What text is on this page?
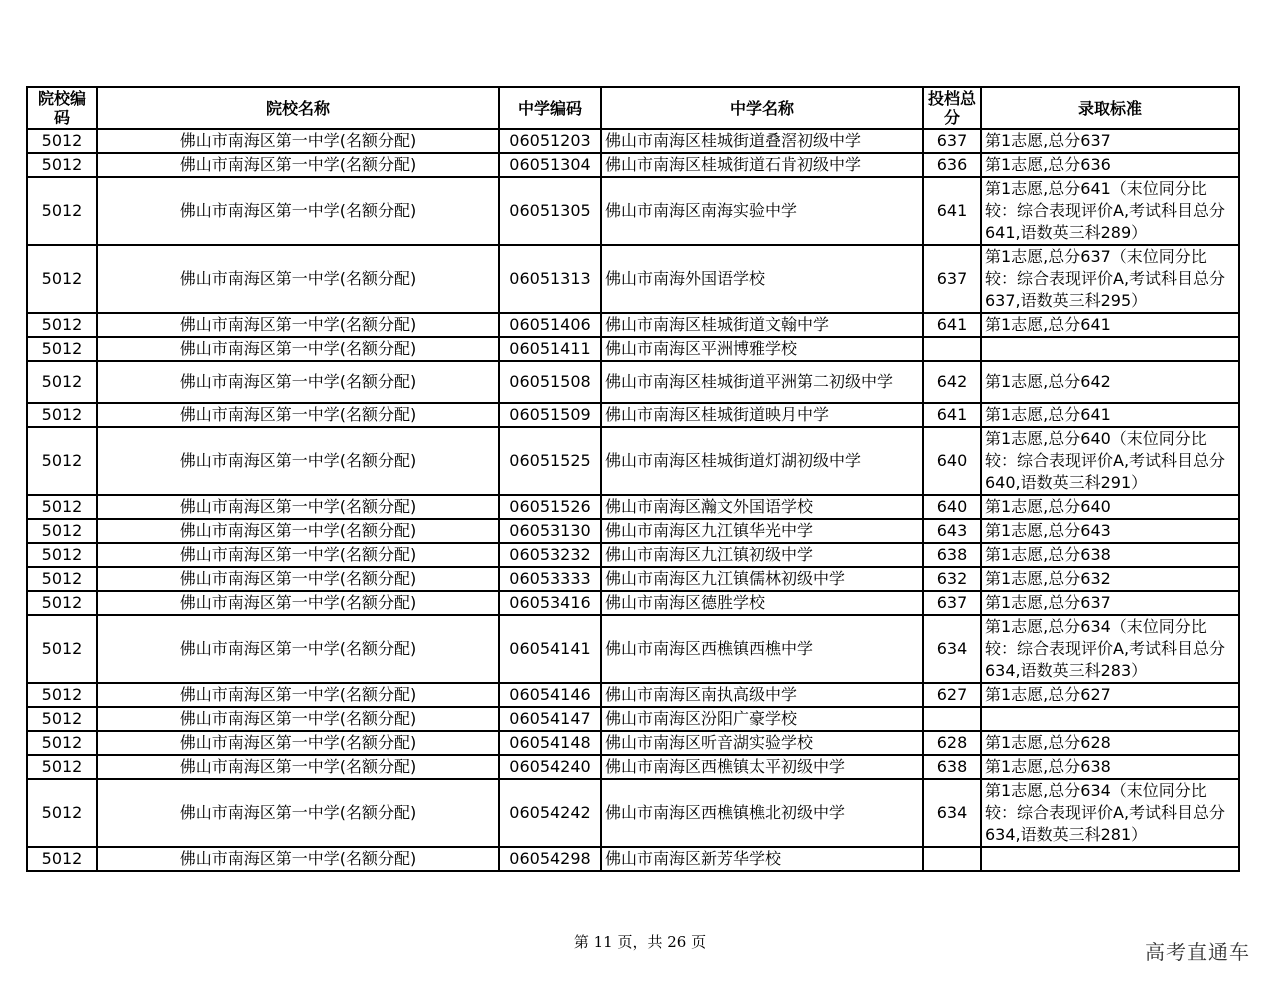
院校编码	院校名称	中学编码	中学名称	投档总分	录取标准
5012	佛山市南海区第一中学(名额分配)	06051203	佛山市南海区桂城街道叠滘初级中学	637	第1志愿,总分637
5012	佛山市南海区第一中学(名额分配)	06051304	佛山市南海区桂城街道石肯初级中学	636	第1志愿,总分636
5012	佛山市南海区第一中学(名额分配)	06051305	佛山市南海区南海实验中学	641	第1志愿,总分641（末位同分比较：综合表现评价A,考试科目总分641,语数英三科289）
5012	佛山市南海区第一中学(名额分配)	06051313	佛山市南海外国语学校	637	第1志愿,总分637（末位同分比较：综合表现评价A,考试科目总分637,语数英三科295）
5012	佛山市南海区第一中学(名额分配)	06051406	佛山市南海区桂城街道文翰中学	641	第1志愿,总分641
5012	佛山市南海区第一中学(名额分配)	06051411	佛山市南海区平洲博雅学校		
5012	佛山市南海区第一中学(名额分配)	06051508	佛山市南海区桂城街道平洲第二初级中学	642	第1志愿,总分642
5012	佛山市南海区第一中学(名额分配)	06051509	佛山市南海区桂城街道映月中学	641	第1志愿,总分641
5012	佛山市南海区第一中学(名额分配)	06051525	佛山市南海区桂城街道灯湖初级中学	640	第1志愿,总分640（末位同分比较：综合表现评价A,考试科目总分640,语数英三科291）
5012	佛山市南海区第一中学(名额分配)	06051526	佛山市南海区瀚文外国语学校	640	第1志愿,总分640
5012	佛山市南海区第一中学(名额分配)	06053130	佛山市南海区九江镇华光中学	643	第1志愿,总分643
5012	佛山市南海区第一中学(名额分配)	06053232	佛山市南海区九江镇初级中学	638	第1志愿,总分638
5012	佛山市南海区第一中学(名额分配)	06053333	佛山市南海区九江镇儒林初级中学	632	第1志愿,总分632
5012	佛山市南海区第一中学(名额分配)	06053416	佛山市南海区德胜学校	637	第1志愿,总分637
5012	佛山市南海区第一中学(名额分配)	06054141	佛山市南海区西樵镇西樵中学	634	第1志愿,总分634（末位同分比较：综合表现评价A,考试科目总分634,语数英三科283）
5012	佛山市南海区第一中学(名额分配)	06054146	佛山市南海区南执高级中学	627	第1志愿,总分627
5012	佛山市南海区第一中学(名额分配)	06054147	佛山市南海区汾阳广豪学校		
5012	佛山市南海区第一中学(名额分配)	06054148	佛山市南海区听音湖实验学校	628	第1志愿,总分628
5012	佛山市南海区第一中学(名额分配)	06054240	佛山市南海区西樵镇太平初级中学	638	第1志愿,总分638
5012	佛山市南海区第一中学(名额分配)	06054242	佛山市南海区西樵镇樵北初级中学	634	第1志愿,总分634（末位同分比较：综合表现评价A,考试科目总分634,语数英三科281）
5012	佛山市南海区第一中学(名额分配)	06054298	佛山市南海区新芳华学校		
第 11 页，共 26 页	高考直通车
